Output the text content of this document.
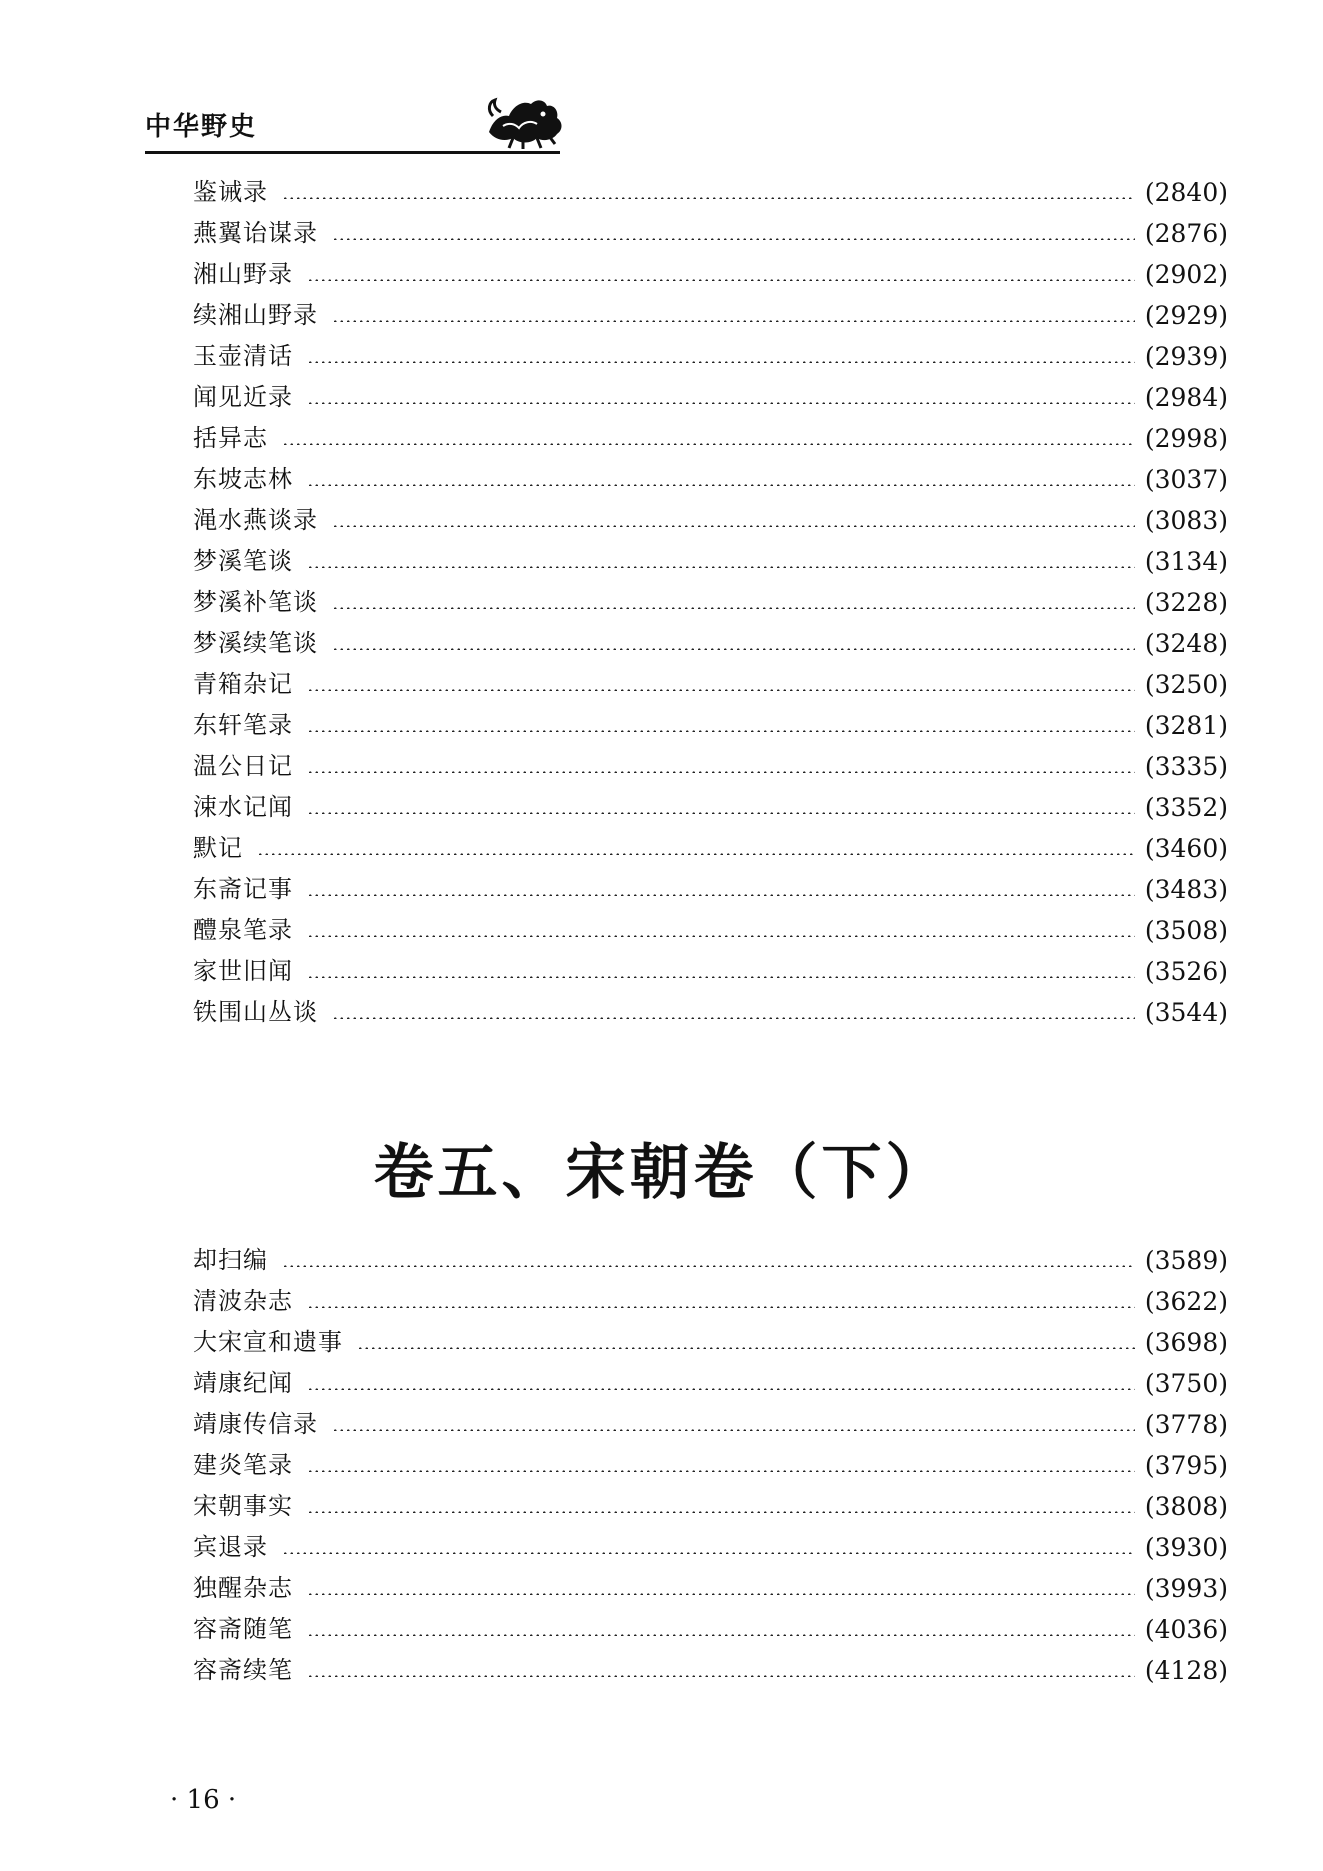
中华野史
鉴诫录	(2840)
燕翼诒谋录	(2876)
湘山野录	(2902)
续湘山野录	(2929)
玉壶清话	(2939)
闻见近录	(2984)
括异志	(2998)
东坡志林	(3037)
渑水燕谈录	(3083)
梦溪笔谈	(3134)
梦溪补笔谈	(3228)
梦溪续笔谈	(3248)
青箱杂记	(3250)
东轩笔录	(3281)
温公日记	(3335)
涑水记闻	(3352)
默记	(3460)
东斋记事	(3483)
醴泉笔录	(3508)
家世旧闻	(3526)
铁围山丛谈	(3544)
卷五、宋朝卷（下）
却扫编	(3589)
清波杂志	(3622)
大宋宣和遗事	(3698)
靖康纪闻	(3750)
靖康传信录	(3778)
建炎笔录	(3795)
宋朝事实	(3808)
宾退录	(3930)
独醒杂志	(3993)
容斋随笔	(4036)
容斋续笔	(4128)
· 16 ·
